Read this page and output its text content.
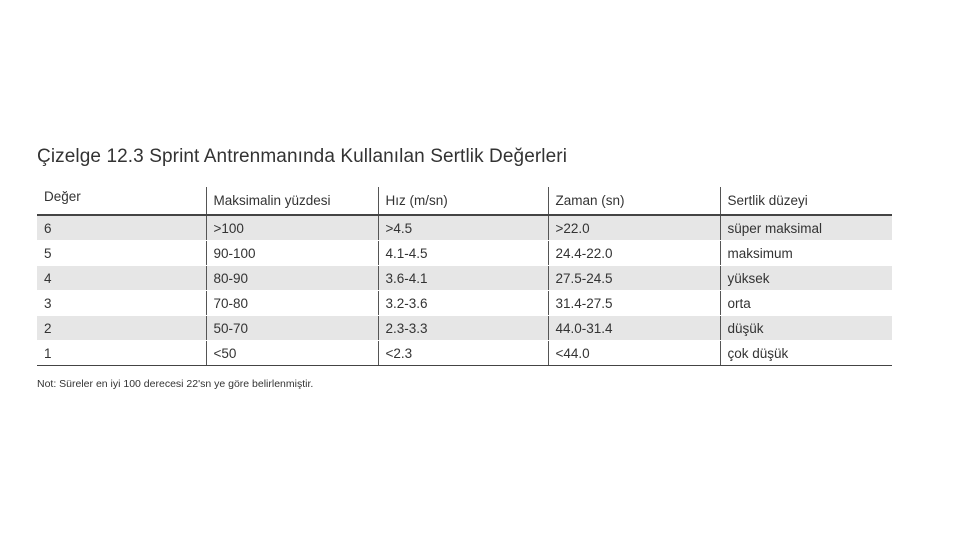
Çizelge 12.3 Sprint Antrenmanında Kullanılan Sertlik Değerleri
Değer	Maksimalin yüzdesi	Hız (m/sn)	Zaman (sn)	Sertlik düzeyi
6	>100	>4.5	>22.0	süper maksimal
5	90-100	4.1-4.5	24.4-22.0	maksimum
4	80-90	3.6-4.1	27.5-24.5	yüksek
3	70-80	3.2-3.6	31.4-27.5	orta
2	50-70	2.3-3.3	44.0-31.4	düşük
1	<50	<2.3	<44.0	çok düşük
Not: Süreler en iyi 100 derecesi 22'sn ye göre belirlenmiştir.
